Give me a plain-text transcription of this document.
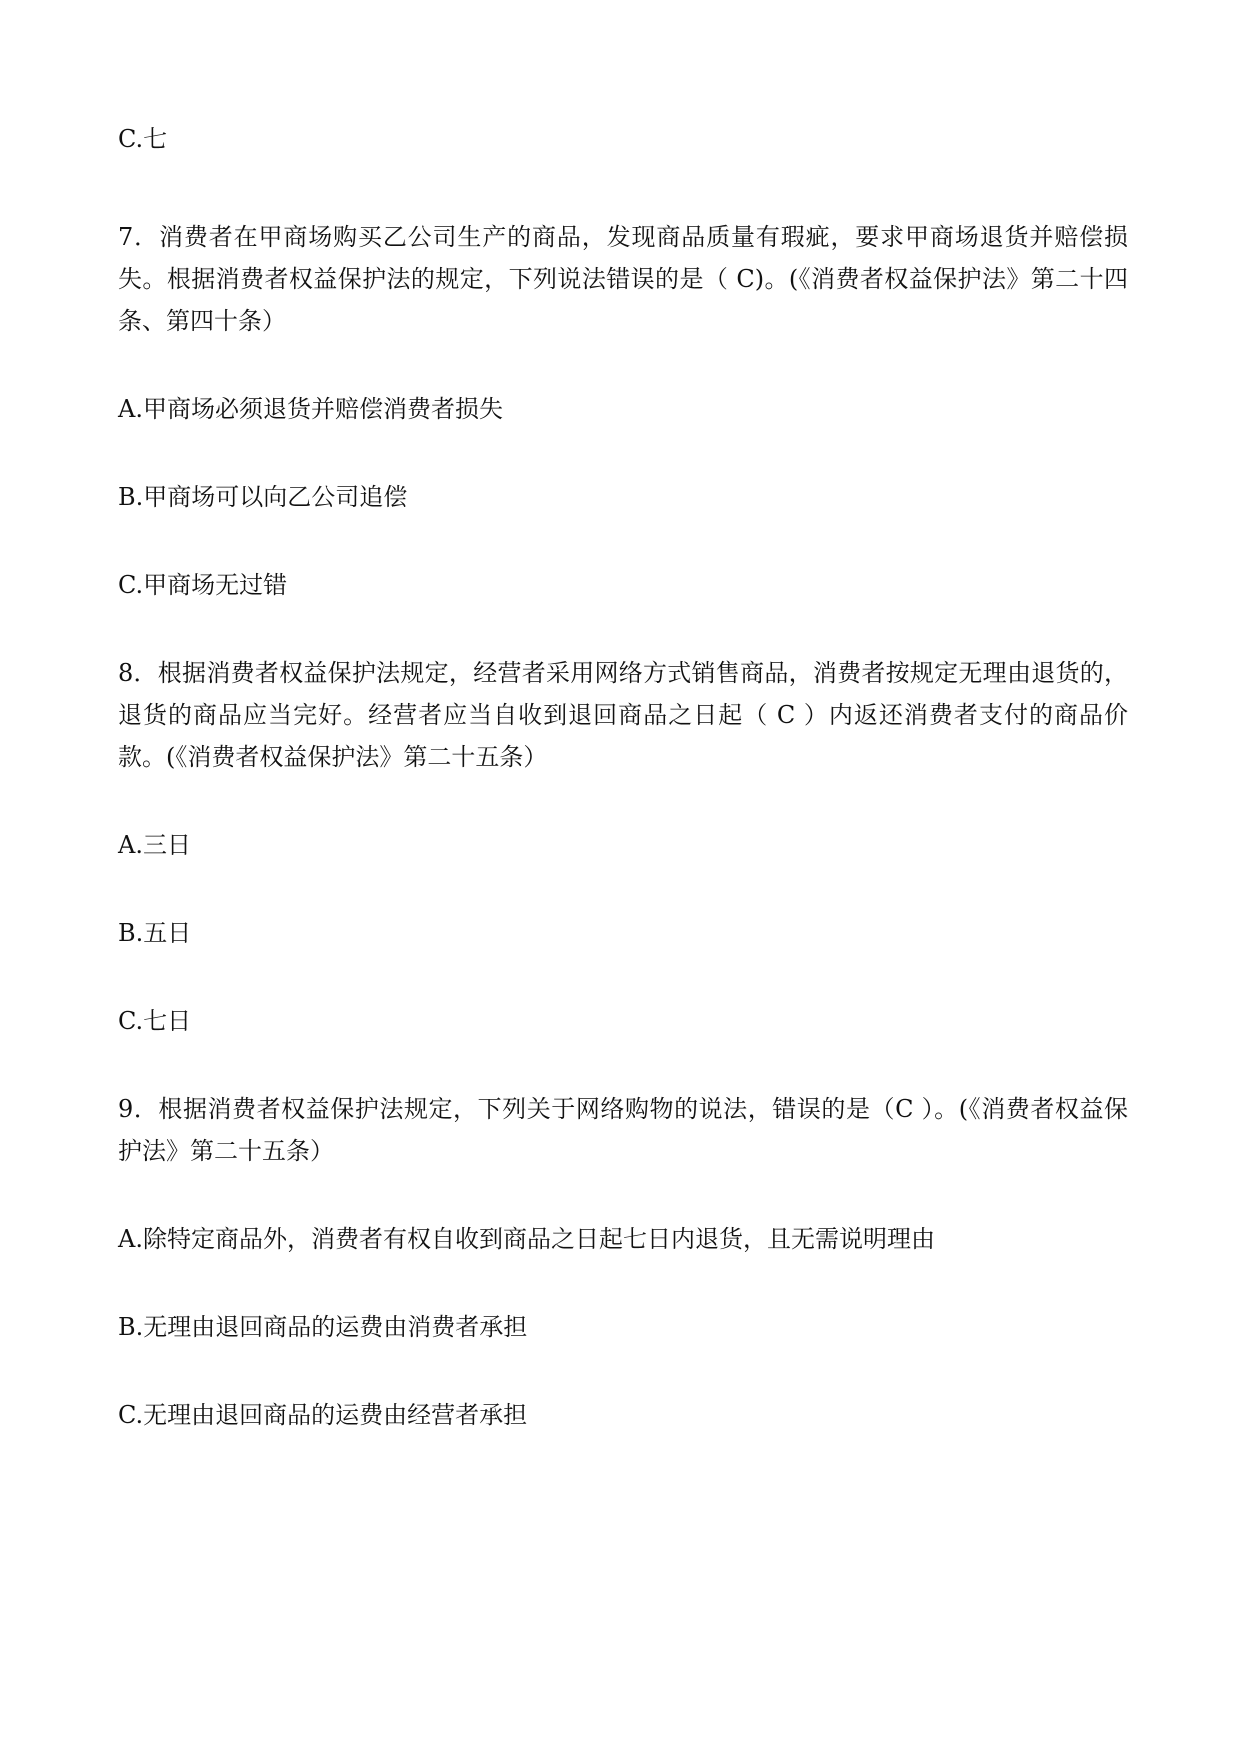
C.七

7．消费者在甲商场购买乙公司生产的商品，发现商品质量有瑕疵，要求甲商场退货并赔偿损失。根据消费者权益保护法的规定，下列说法错误的是（ C)。(《消费者权益保护法》第二十四条、第四十条）

A.甲商场必须退货并赔偿消费者损失

B.甲商场可以向乙公司追偿

C.甲商场无过错

8．根据消费者权益保护法规定，经营者采用网络方式销售商品，消费者按规定无理由退货的，退货的商品应当完好。经营者应当自收到退回商品之日起（ C ）内返还消费者支付的商品价款。(《消费者权益保护法》第二十五条）

A.三日

B.五日

C.七日

9．根据消费者权益保护法规定，下列关于网络购物的说法，错误的是（C ）。(《消费者权益保护法》第二十五条）

A.除特定商品外，消费者有权自收到商品之日起七日内退货，且无需说明理由

B.无理由退回商品的运费由消费者承担

C.无理由退回商品的运费由经营者承担
